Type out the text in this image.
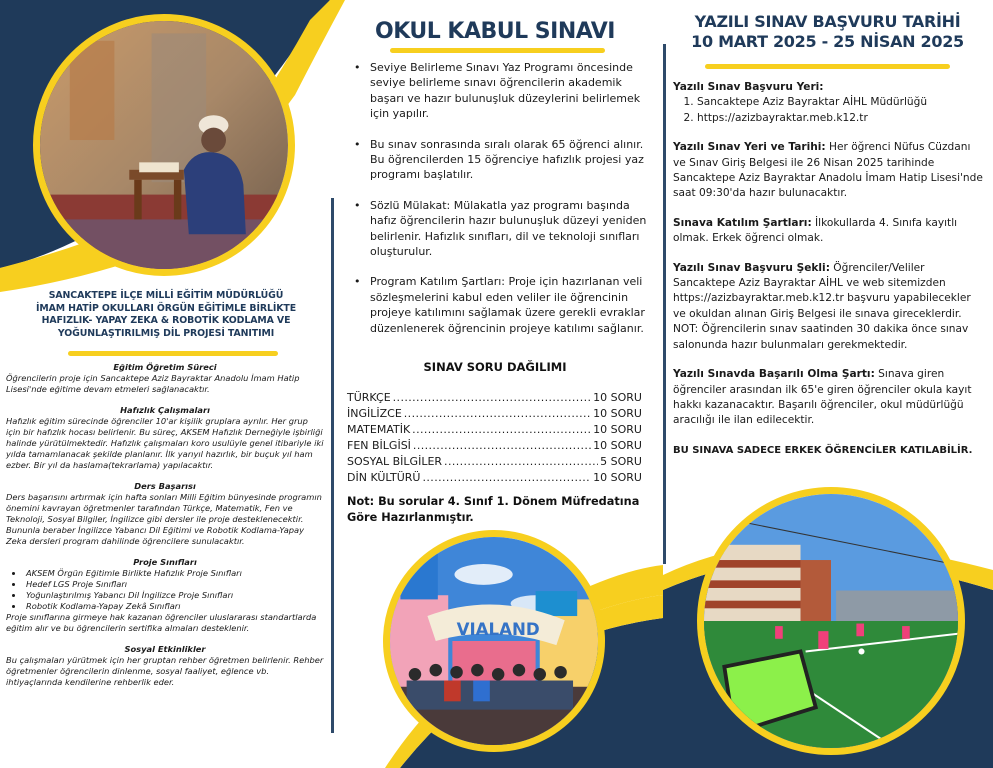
SANCAKTEPE İLÇE MİLLİ EĞİTİM MÜDÜRLÜĞÜ
İMAM HATİP OKULLARI ÖRGÜN EĞİTİMLE BİRLİKTE
HAFIZLIK- YAPAY ZEKA & ROBOTİK KODLAMA VE
YOĞUNLAŞTIRILMIŞ DİL PROJESİ TANITIMI
Eğitim Öğretim Süreci
Öğrencilerin proje için Sancaktepe Aziz Bayraktar Anadolu İmam Hatip Lisesi'nde eğitime devam etmeleri sağlanacaktır.
Hafızlık Çalışmaları
Hafızlık eğitim sürecinde öğrenciler 10'ar kişilik gruplara ayrılır. Her grup için bir hafızlık hocası belirlenir. Bu süreç, AKSEM Hafızlık Derneğiyle işbirliği halinde yürütülmektedir. Hafızlık çalışmaları koro usulüyle genel itibariyle iki yılda tamamlanacak şekilde planlanır. İlk yarıyıl hazırlık, bir buçuk yıl ham ezber. Bir yıl da haslama(tekrarlama) yapılacaktır.
Ders Başarısı
Ders başarısını artırmak için hafta sonları Milli Eğitim bünyesinde programın önemini kavrayan öğretmenler tarafından Türkçe, Matematik, Fen ve Teknoloji, Sosyal Bilgiler, İngilizce gibi dersler ile proje desteklenecektir. Bununla beraber İngilizce Yabancı Dil Eğitimi ve Robotik Kodlama-Yapay Zeka dersleri program dahilinde öğrencilere sunulacaktır.
Proje Sınıfları
• AKSEM Örgün Eğitimle Birlikte Hafızlık Proje Sınıfları
• Hedef LGS Proje Sınıfları
• Yoğunlaştırılmış Yabancı Dil İngilizce Proje Sınıfları
• Robotik Kodlama-Yapay Zekâ Sınıfları
Proje sınıflarına girmeye hak kazanan öğrenciler uluslararası standartlarda eğitim alır ve bu öğrencilerin sertifika almaları desteklenir.
Sosyal Etkinlikler
Bu çalışmaları yürütmek için her gruptan rehber öğretmen belirlenir. Rehber öğretmenler öğrencilerin dinlenme, sosyal faaliyet, eğlence vb. ihtiyaçlarında kendilerine rehberlik eder.
OKUL KABUL SINAVI
• Seviye Belirleme Sınavı Yaz Programı öncesinde seviye belirleme sınavı öğrencilerin akademik başarı ve hazır bulunuşluk düzeylerini belirlemek için yapılır.
• Bu sınav sonrasında sıralı olarak 65 öğrenci alınır. Bu öğrencilerden 15 öğrenciye hafızlık projesi yaz programı başlatılır.
• Sözlü Mülakat: Mülakatla yaz programı başında hafız öğrencilerin hazır bulunuşluk düzeyi yeniden belirlenir. Hafızlık sınıfları, dil ve teknoloji sınıfları oluşturulur.
• Program Katılım Şartları: Proje için hazırlanan veli sözleşmelerini kabul eden veliler ile öğrencinin projeye katılımını sağlamak üzere gerekli evraklar düzenlenerek öğrencinin projeye katılımı sağlanır.
SINAV SORU DAĞILIMI
TÜRKÇE .....	10 SORU
İNGİLİZCE .....	10 SORU
MATEMATİK .....	10 SORU
FEN BİLGİSİ .....	10 SORU
SOSYAL BİLGİLER .....	5 SORU
DİN KÜLTÜRÜ .....	10 SORU
Not: Bu sorular 4. Sınıf 1. Dönem Müfredatına Göre Hazırlanmıştır.
VIALAND
YAZILI SINAV BAŞVURU TARİHİ
10 MART 2025 - 25 NİSAN 2025
Yazılı Sınav Başvuru Yeri:
1. Sancaktepe Aziz Bayraktar AİHL Müdürlüğü
2. https://azizbayraktar.meb.k12.tr
Yazılı Sınav Yeri ve Tarihi: Her öğrenci Nüfus Cüzdanı ve Sınav Giriş Belgesi ile 26 Nisan 2025 tarihinde Sancaktepe Aziz Bayraktar Anadolu İmam Hatip Lisesi'nde saat 09:30'da hazır bulunacaktır.
Sınava Katılım Şartları: İlkokullarda 4. Sınıfa kayıtlı olmak. Erkek öğrenci olmak.
Yazılı Sınav Başvuru Şekli: Öğrenciler/Veliler Sancaktepe Aziz Bayraktar AİHL ve web sitemizden https://azizbayraktar.meb.k12.tr başvuru yapabilecekler ve okuldan alınan Giriş Belgesi ile sınava gireceklerdir.
NOT: Öğrencilerin sınav saatinden 30 dakika önce sınav salonunda hazır bulunmaları gerekmektedir.
Yazılı Sınavda Başarılı Olma Şartı: Sınava giren öğrenciler arasından ilk 65'e giren öğrenciler okula kayıt hakkı kazanacaktır. Başarılı öğrenciler, okul müdürlüğü aracılığı ile ilan edilecektir.
BU SINAVA SADECE ERKEK ÖĞRENCİLER KATILABİLİR.
